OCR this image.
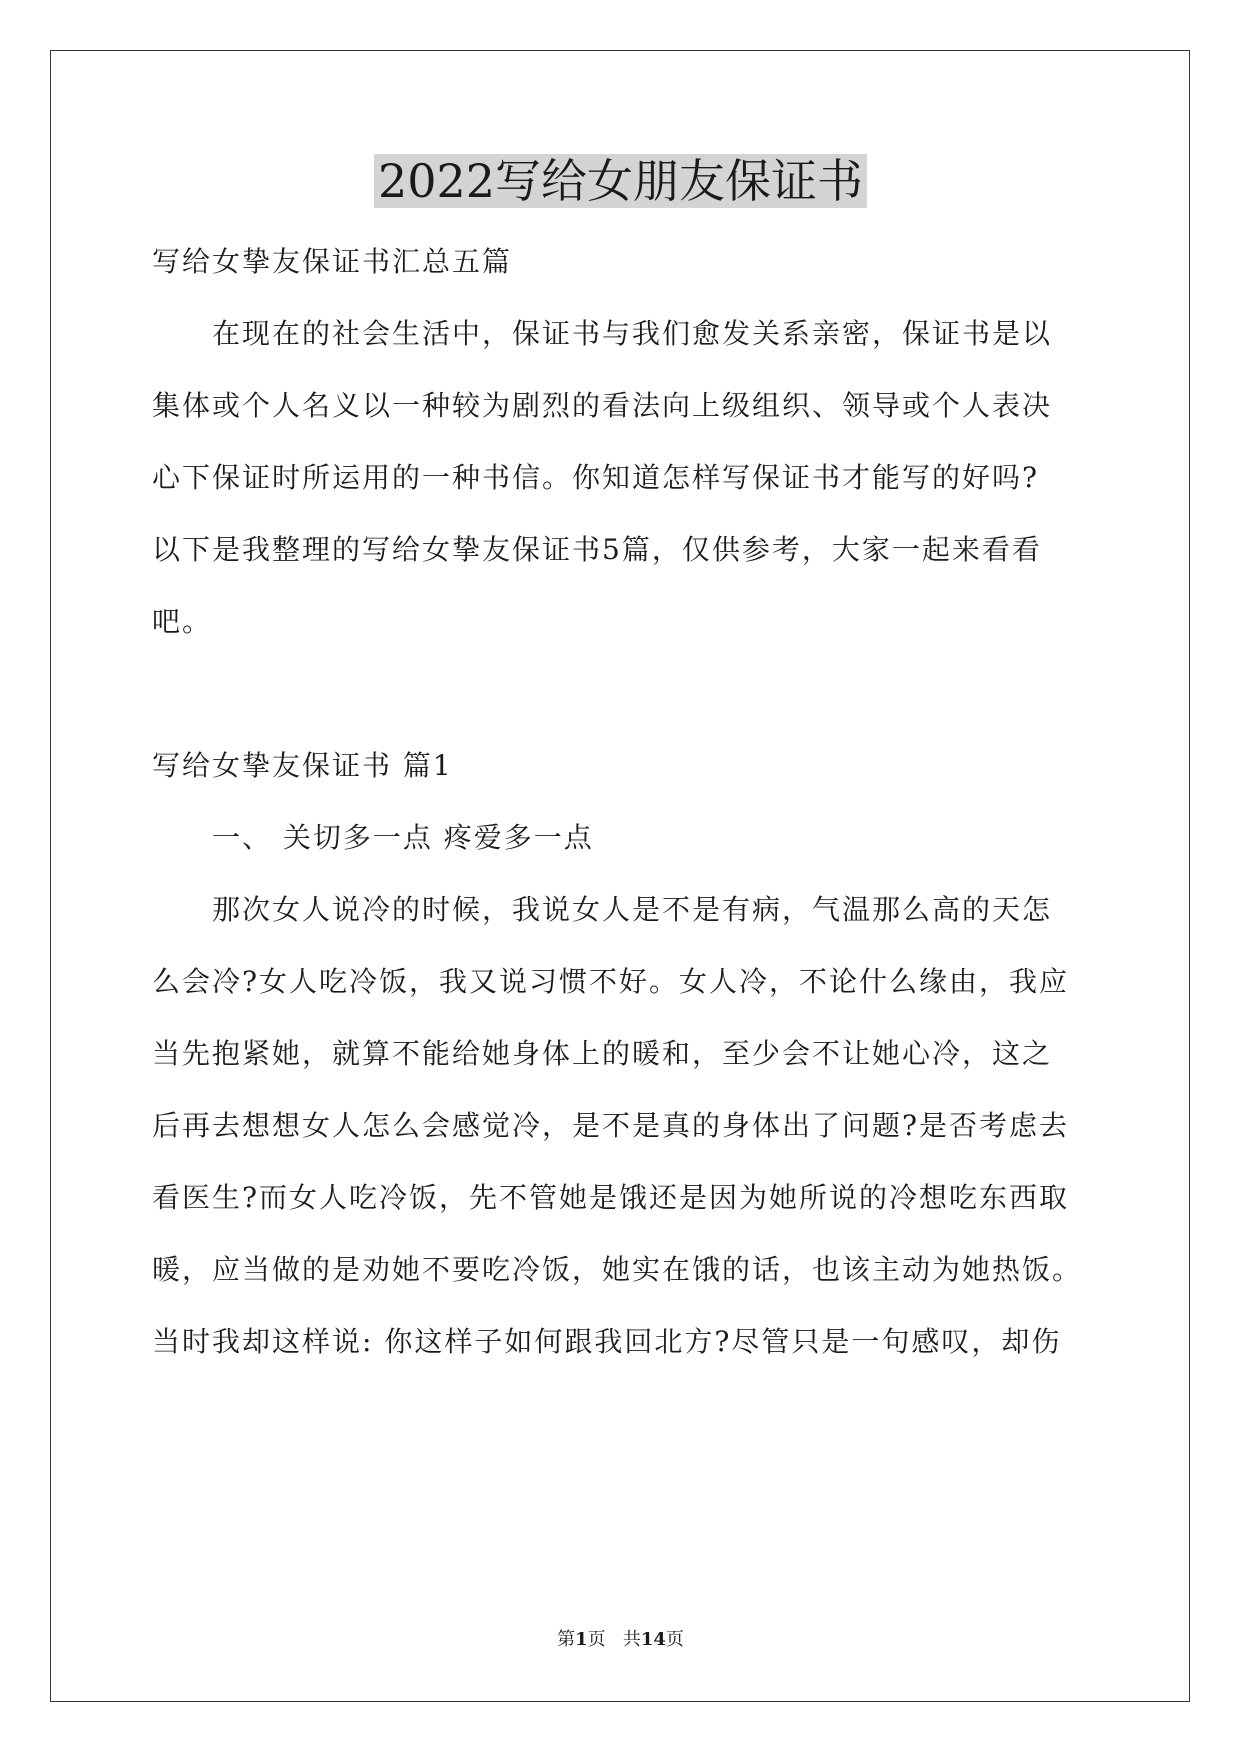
2022写给女朋友保证书
写给女挚友保证书汇总五篇
在现在的社会生活中，保证书与我们愈发关系亲密，保证书是以
集体或个人名义以一种较为剧烈的看法向上级组织、领导或个人表决
心下保证时所运用的一种书信。你知道怎样写保证书才能写的好吗?
以下是我整理的写给女挚友保证书5篇，仅供参考，大家一起来看看
吧。
写给女挚友保证书 篇1
一、 关切多一点 疼爱多一点
那次女人说冷的时候，我说女人是不是有病，气温那么高的天怎
么会冷?女人吃冷饭，我又说习惯不好。女人冷，不论什么缘由，我应
当先抱紧她，就算不能给她身体上的暖和，至少会不让她心冷，这之
后再去想想女人怎么会感觉冷，是不是真的身体出了问题?是否考虑去
看医生?而女人吃冷饭，先不管她是饿还是因为她所说的冷想吃东西取
暖，应当做的是劝她不要吃冷饭，她实在饿的话，也该主动为她热饭。
当时我却这样说: 你这样子如何跟我回北方?尽管只是一句感叹，却伤
第1页 共14页
